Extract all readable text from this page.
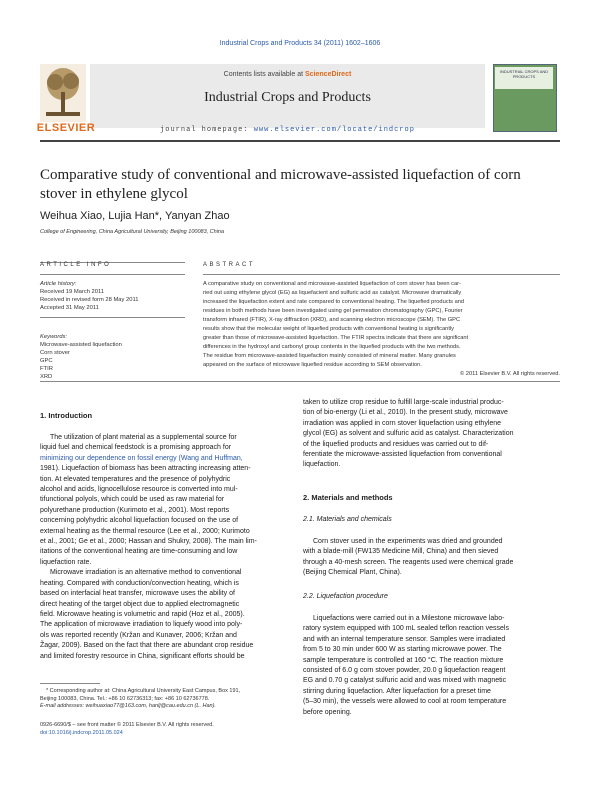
Industrial Crops and Products 34 (2011) 1602–1606
ELSEVIER
Contents lists available at ScienceDirect
Industrial Crops and Products
journal homepage: www.elsevier.com/locate/indcrop
INDUSTRIAL CROPS AND PRODUCTS
Comparative study of conventional and microwave-assisted liquefaction of corn stover in ethylene glycol
Weihua Xiao, Lujia Han*, Yanyan Zhao
College of Engineering, China Agricultural University, Beijing 100083, China
ARTICLE INFO
Article history:
Received 19 March 2011
Received in revised form 28 May 2011
Accepted 31 May 2011
Keywords:
Microwave-assisted liquefaction
Corn stover
GPC
FTIR
XRD
ABSTRACT
A comparative study on conventional and microwave-assisted liquefaction of corn stover has been car-
ried out using ethylene glycol (EG) as liquefacient and sulfuric acid as catalyst. Microwave dramatically
increased the liquefaction extent and rate compared to conventional heating. The liquefied products and
residues in both methods have been investigated using gel permeation chromatography (GPC), Fourier
transform infrared (FTIR), X-ray diffraction (XRD), and scanning electron microscope (SEM). The GPC
results show that the molecular weight of liquefied products with conventional heating is significantly
greater than those of microwave-assisted liquefaction. The FTIR spectra indicate that there are significant
differences in the hydroxyl and carbonyl group contents in the liquefied products with the two methods.
The residue from microwave-assisted liquefaction mainly consisted of mineral matter. Many granules
appeared on the surface of microwave liquefied residue according to SEM observation.
© 2011 Elsevier B.V. All rights reserved.
1. Introduction
The utilization of plant material as a supplemental source for
liquid fuel and chemical feedstock is a promising approach for
minimizing our dependence on fossil energy (Wang and Huffman,
1981). Liquefaction of biomass has been attracting increasing atten-
tion. At elevated temperatures and the presence of polyhydric
alcohol and acids, lignocellulose resource is converted into mul-
tifunctional polyols, which could be used as raw material for
polyurethane production (Kurimoto et al., 2001). Most reports
concerning polyhydric alcohol liquefaction focused on the use of
external heating as the thermal resource (Lee et al., 2000; Kurimoto
et al., 2001; Ge et al., 2000; Hassan and Shukry, 2008). The main lim-
itations of the conventional heating are time-consuming and low
liquefaction rate.
Microwave irradiation is an alternative method to conventional
heating. Compared with conduction/convection heating, which is
based on interfacial heat transfer, microwave uses the ability of
direct heating of the target object due to applied electromagnetic
field. Microwave heating is volumetric and rapid (Hoz et al., 2005).
The application of microwave irradiation to liquefy wood into poly-
ols was reported recently (Kržan and Kunaver, 2006; Kržan and
Žagar, 2009). Based on the fact that there are abundant crop residue
and limited forestry resource in China, significant efforts should be
* Corresponding author at: China Agricultural University East Campus, Box 191,
Beijing 100083, China. Tel.: +86 10 62736313; fax: +86 10 62736778.
E-mail addresses: weihuaxiao77@163.com, hanlj@cau.edu.cn (L. Han).
0926-6690/$ – see front matter © 2011 Elsevier B.V. All rights reserved.
doi:10.1016/j.indcrop.2011.05.024
taken to utilize crop residue to fulfill large-scale industrial produc-
tion of bio-energy (Li et al., 2010). In the present study, microwave
irradiation was applied in corn stover liquefaction using ethylene
glycol (EG) as solvent and sulfuric acid as catalyst. Characterization
of the liquefied products and residues was carried out to dif-
ferentiate the microwave-assisted liquefaction from conventional
liquefaction.
2. Materials and methods
2.1. Materials and chemicals
Corn stover used in the experiments was dried and grounded
with a blade-mill (FW135 Medicine Mill, China) and then sieved
through a 40-mesh screen. The reagents used were chemical grade
(Beijing Chemical Plant, China).
2.2. Liquefaction procedure
Liquefactions were carried out in a Milestone microwave labo-
ratory system equipped with 100 mL sealed teflon reaction vessels
and with an internal temperature sensor. Samples were irradiated
from 5 to 30 min under 600 W as starting microwave power. The
sample temperature is controlled at 160 °C. The reaction mixture
consisted of 6.0 g corn stover powder, 20.0 g liquefaction reagent
EG and 0.70 g catalyst sulfuric acid and was mixed with magnetic
stirring during liquefaction. After liquefaction for a preset time
(5–30 min), the vessels were allowed to cool at room temperature
before opening.
